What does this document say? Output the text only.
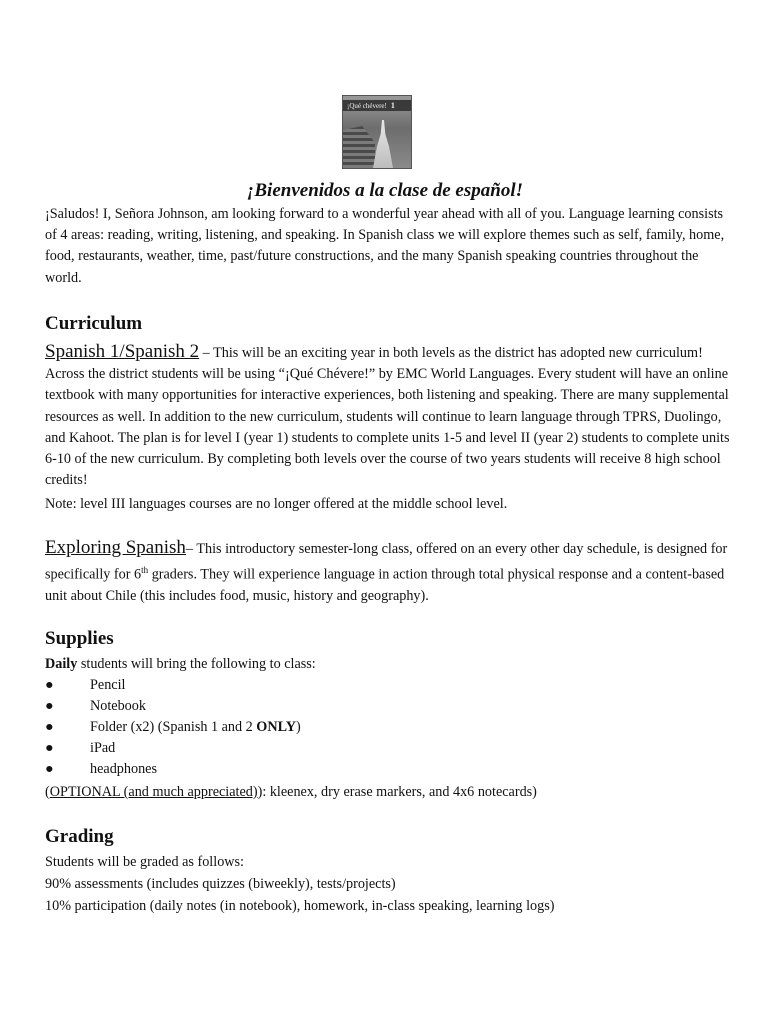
¡Qué chévere! 1
¡Bienvenidos a la clase de español!

¡Saludos! I, Señora Johnson, am looking forward to a wonderful year ahead with all of you. Language learning consists of 4 areas: reading, writing, listening, and speaking. In Spanish class we will explore themes such as self, family, home, food, restaurants, weather, time, past/future constructions, and the many Spanish speaking countries throughout the world.

Curriculum

Spanish 1/Spanish 2 – This will be an exciting year in both levels as the district has adopted new curriculum! Across the district students will be using “¡Qué Chévere!” by EMC World Languages. Every student will have an online textbook with many opportunities for interactive experiences, both listening and speaking. There are many supplemental resources as well. In addition to the new curriculum, students will continue to learn language through TPRS, Duolingo, and Kahoot. The plan is for level I (year 1) students to complete units 1-5 and level II (year 2) students to complete units 6-10 of the new curriculum. By completing both levels over the course of two years students will receive 8 high school credits!

Note: level III languages courses are no longer offered at the middle school level.

Exploring Spanish– This introductory semester-long class, offered on an every other day schedule, is designed for specifically for 6th graders. They will experience language in action through total physical response and a content-based unit about Chile (this includes food, music, history and geography).

Supplies
Daily students will bring the following to class:
●	Pencil
●	Notebook
●	Folder (x2) (Spanish 1 and 2 ONLY)
●	iPad
●	headphones
(OPTIONAL (and much appreciated)): kleenex, dry erase markers, and 4x6 notecards)
Grading
Students will be graded as follows:
90% assessments (includes quizzes (biweekly), tests/projects)
10% participation (daily notes (in notebook), homework, in-class speaking, learning logs)
